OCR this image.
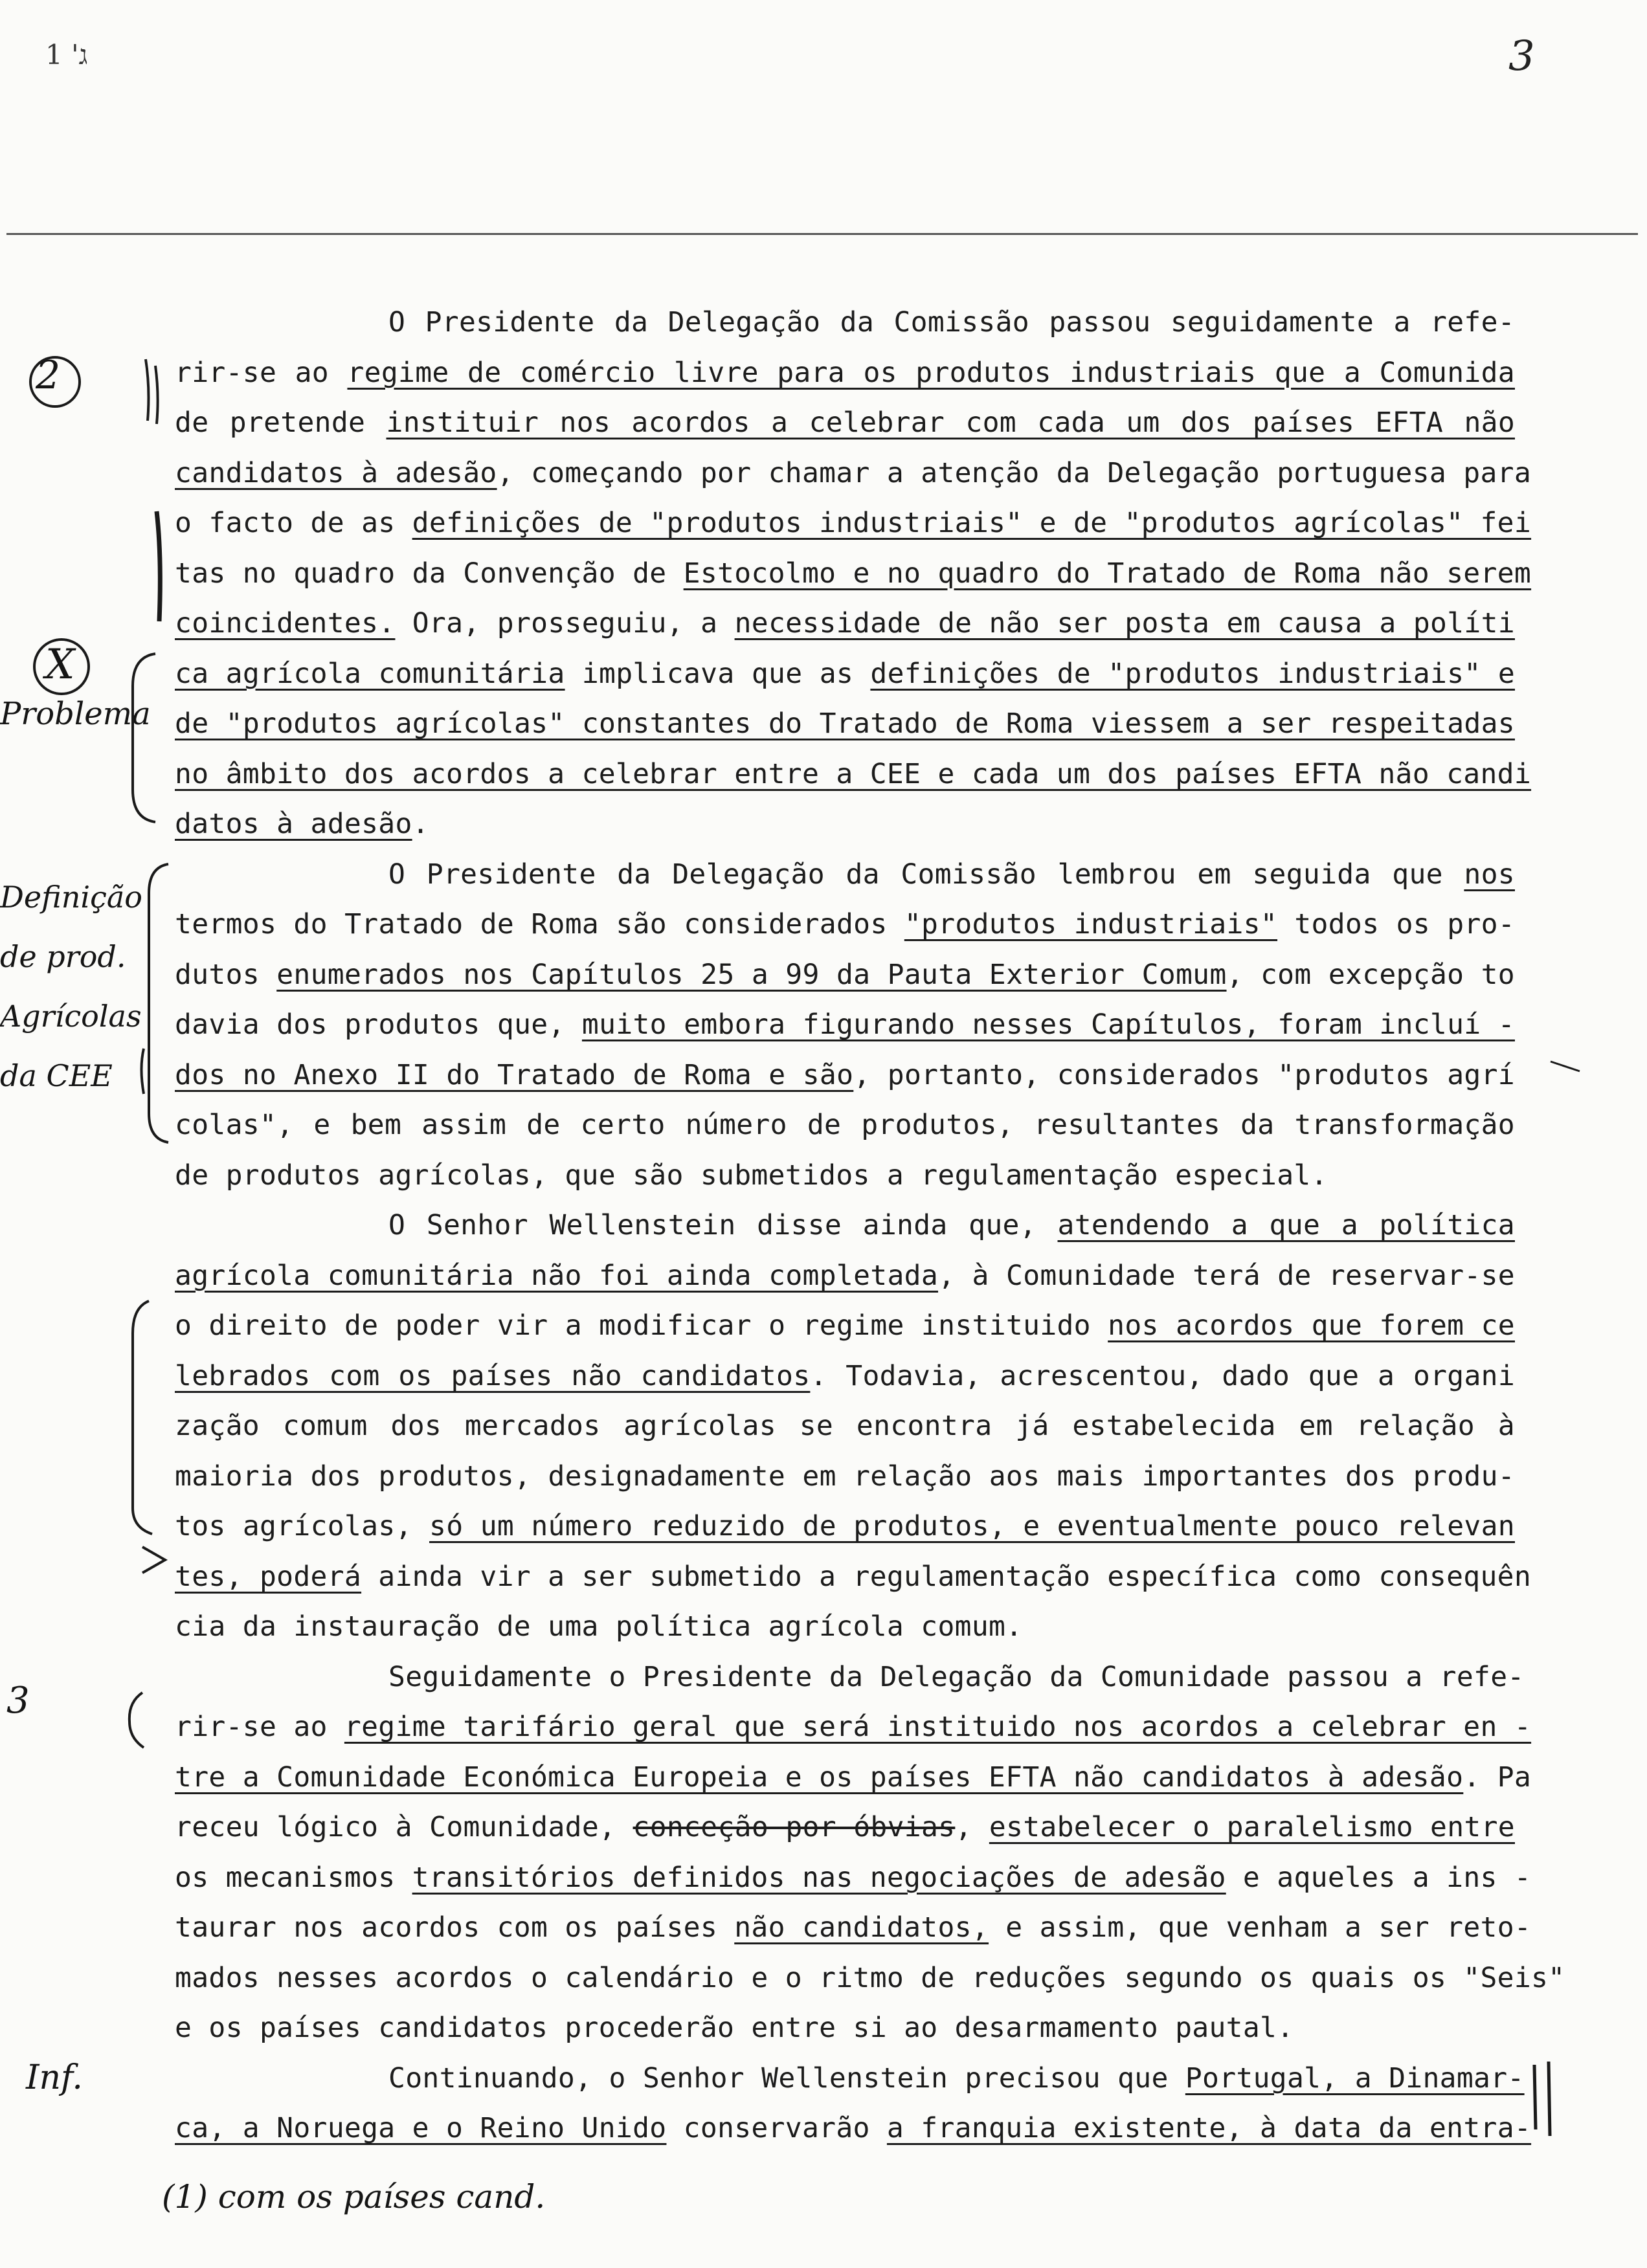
ג' 1	3
O Presidente da Delegação da Comissão passou seguidamente a refe-
rir-se ao regime de comércio livre para os produtos industriais que a Comunida
de pretende instituir nos acordos a celebrar com cada um dos países EFTA não
candidatos à adesão, começando por chamar a atenção da Delegação portuguesa para
o facto de as definições de "produtos industriais" e de "produtos agrícolas" fei
tas no quadro da Convenção de Estocolmo e no quadro do Tratado de Roma não serem
coincidentes. Ora, prosseguiu, a necessidade de não ser posta em causa a políti
ca agrícola comunitária implicava que as definições de "produtos industriais" e
de "produtos agrícolas" constantes do Tratado de Roma viessem a ser respeitadas
no âmbito dos acordos a celebrar entre a CEE e cada um dos países EFTA não candi
datos à adesão.
O Presidente da Delegação da Comissão lembrou em seguida que nos
termos do Tratado de Roma são considerados "produtos industriais" todos os pro-
dutos enumerados nos Capítulos 25 a 99 da Pauta Exterior Comum, com excepção to
davia dos produtos que, muito embora figurando nesses Capítulos, foram incluí -
dos no Anexo II do Tratado de Roma e são, portanto, considerados "produtos agrí
colas", e bem assim de certo número de produtos, resultantes da transformação
de produtos agrícolas, que são submetidos a regulamentação especial.
O Senhor Wellenstein disse ainda que, atendendo a que a política
agrícola comunitária não foi ainda completada, à Comunidade terá de reservar-se
o direito de poder vir a modificar o regime instituido nos acordos que forem ce
lebrados com os países não candidatos. Todavia, acrescentou, dado que a organi
zação comum dos mercados agrícolas se encontra já estabelecida em relação à
maioria dos produtos, designadamente em relação aos mais importantes dos produ-
tos agrícolas, só um número reduzido de produtos, e eventualmente pouco relevan
tes, poderá ainda vir a ser submetido a regulamentação específica como consequên
cia da instauração de uma política agrícola comum.
Seguidamente o Presidente da Delegação da Comunidade passou a refe-
rir-se ao regime tarifário geral que será instituido nos acordos a celebrar en -
tre a Comunidade Económica Europeia e os países EFTA não candidatos à adesão. Pa
receu lógico à Comunidade, conceção por óbvias, estabelecer o paralelismo entre
os mecanismos transitórios definidos nas negociações de adesão e aqueles a ins -
taurar nos acordos com os países não candidatos, e assim, que venham a ser reto-
mados nesses acordos o calendário e o ritmo de reduções segundo os quais os "Seis"
e os países candidatos procederão entre si ao desarmamento pautal.
Continuando, o Senhor Wellenstein precisou que Portugal, a Dinamar-
ca, a Noruega e o Reino Unido conservarão a franquia existente, à data da entra-
2
X
Problema
Definição de prod. Agrícolas da CEE
3
Inf.
(1) com os países cand.
